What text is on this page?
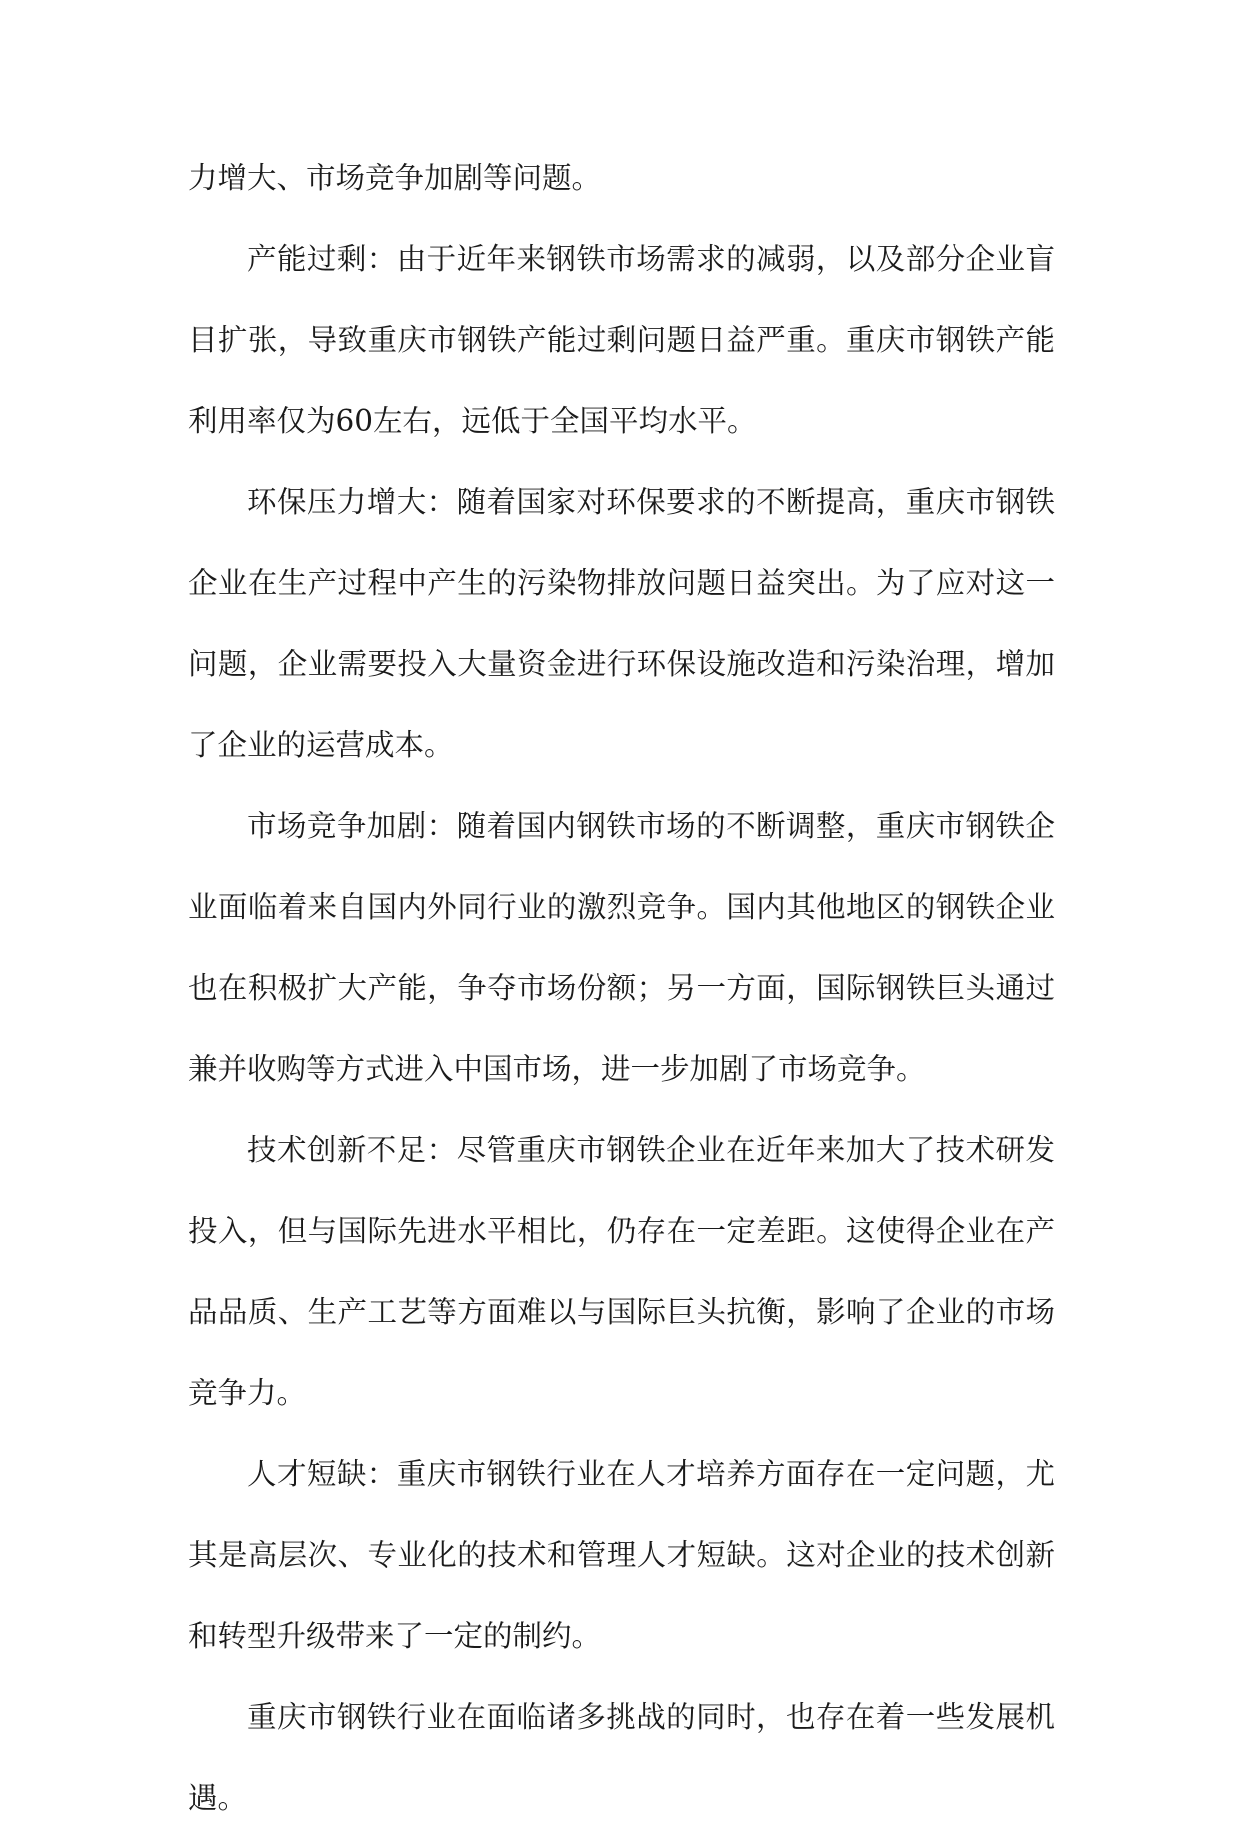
力增大、市场竞争加剧等问题。

产能过剩：由于近年来钢铁市场需求的减弱，以及部分企业盲目扩张，导致重庆市钢铁产能过剩问题日益严重。重庆市钢铁产能利用率仅为60左右，远低于全国平均水平。

环保压力增大：随着国家对环保要求的不断提高，重庆市钢铁企业在生产过程中产生的污染物排放问题日益突出。为了应对这一问题，企业需要投入大量资金进行环保设施改造和污染治理，增加了企业的运营成本。

市场竞争加剧：随着国内钢铁市场的不断调整，重庆市钢铁企业面临着来自国内外同行业的激烈竞争。国内其他地区的钢铁企业也在积极扩大产能，争夺市场份额；另一方面，国际钢铁巨头通过兼并收购等方式进入中国市场，进一步加剧了市场竞争。

技术创新不足：尽管重庆市钢铁企业在近年来加大了技术研发投入，但与国际先进水平相比，仍存在一定差距。这使得企业在产品品质、生产工艺等方面难以与国际巨头抗衡，影响了企业的市场竞争力。

人才短缺：重庆市钢铁行业在人才培养方面存在一定问题，尤其是高层次、专业化的技术和管理人才短缺。这对企业的技术创新和转型升级带来了一定的制约。

重庆市钢铁行业在面临诸多挑战的同时，也存在着一些发展机遇。
